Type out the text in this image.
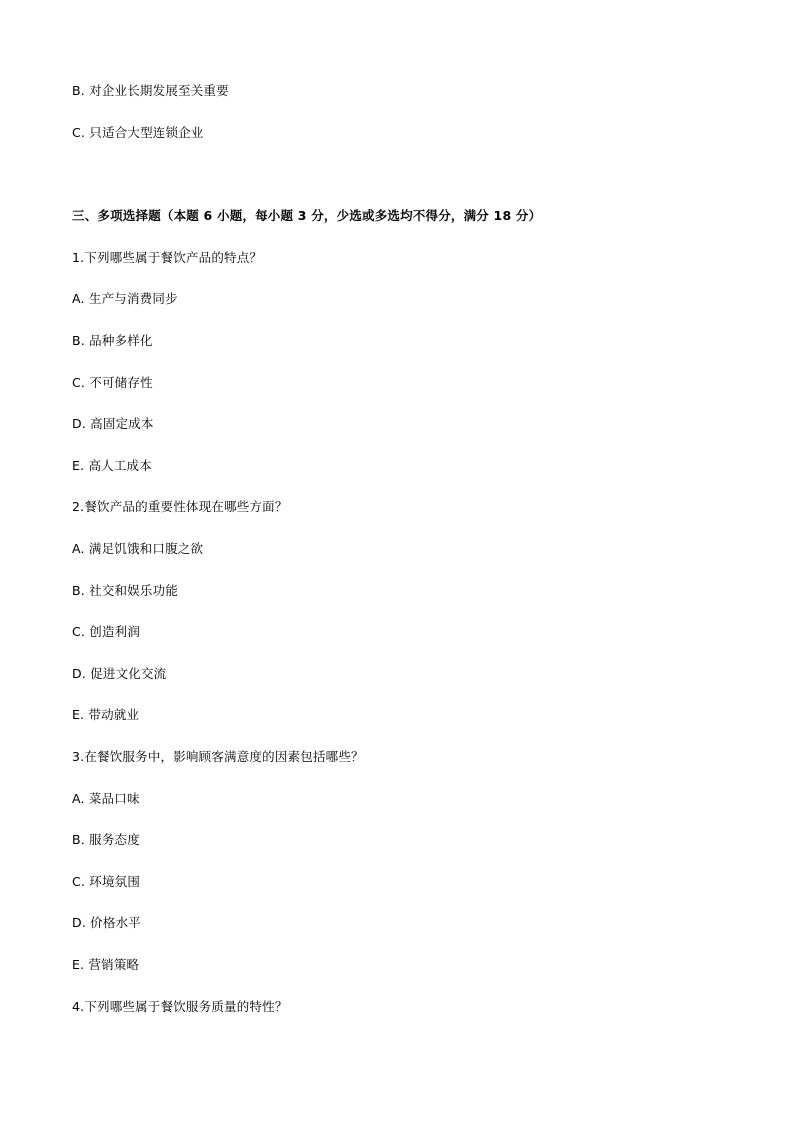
B. 对企业长期发展至关重要
C. 只适合大型连锁企业
三、多项选择题（本题 6 小题，每小题 3 分，少选或多选均不得分，满分 18 分）
1.下列哪些属于餐饮产品的特点？
A. 生产与消费同步
B. 品种多样化
C. 不可储存性
D. 高固定成本
E. 高人工成本
2.餐饮产品的重要性体现在哪些方面？
A. 满足饥饿和口腹之欲
B. 社交和娱乐功能
C. 创造利润
D. 促进文化交流
E. 带动就业
3.在餐饮服务中，影响顾客满意度的因素包括哪些？
A. 菜品口味
B. 服务态度
C. 环境氛围
D. 价格水平
E. 营销策略
4.下列哪些属于餐饮服务质量的特性？
